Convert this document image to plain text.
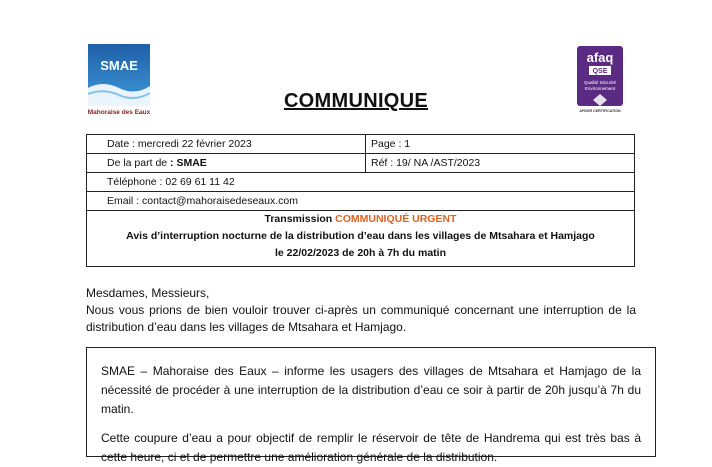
SMAE
Mahoraise des Eaux
afaq
QSE
Qualité Sécurité
Environnement
AFNOR CERTIFICATION
COMMUNIQUE
Date : mercredi 22 février 2023	Page : 1
De la part de : SMAE	Réf : 19/ NA /AST/2023
Téléphone : 02 69 61 11 42
Email : contact@mahoraisedeseaux.com
Transmission COMMUNIQUÉ URGENT
Avis d’interruption nocturne de la distribution d’eau dans les villages de Mtsahara et Hamjago
le 22/02/2023 de 20h à 7h du matin
Mesdames, Messieurs,
Nous vous prions de bien vouloir trouver ci-après un communiqué concernant une interruption de la distribution d’eau dans les villages de Mtsahara et Hamjago.

SMAE – Mahoraise des Eaux – informe les usagers des villages de Mtsahara et Hamjago de la nécessité de procéder à une interruption de la distribution d’eau ce soir à partir de 20h jusqu’à 7h du matin.

Cette coupure d’eau a pour objectif de remplir le réservoir de tête de Handrema qui est très bas à cette heure, ci et de permettre une amélioration générale de la distribution.
